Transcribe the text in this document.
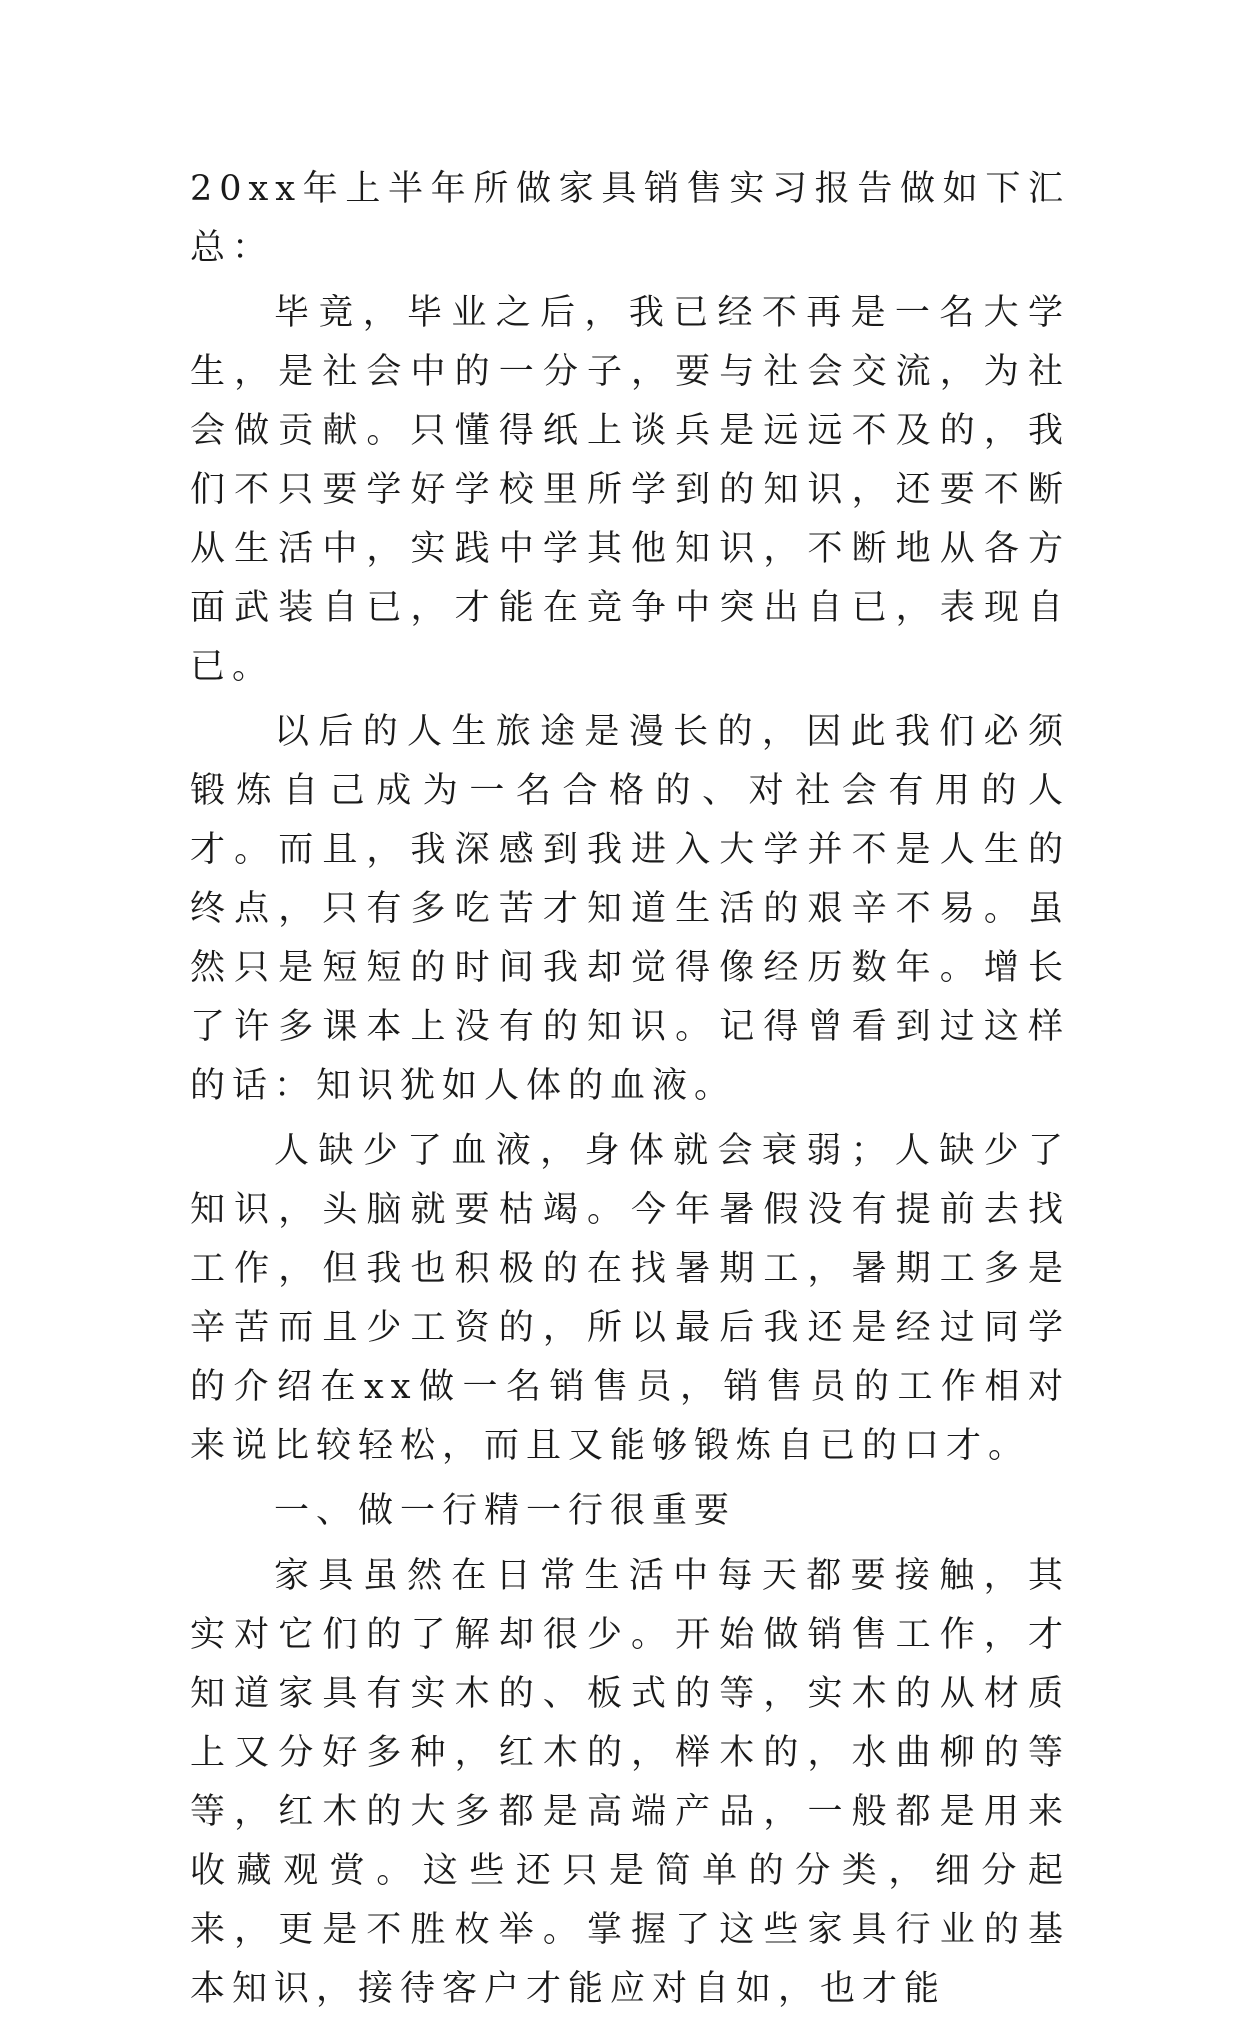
20xx年上半年所做家具销售实习报告做如下汇总：

毕竟，毕业之后，我已经不再是一名大学生，是社会中的一分子，要与社会交流，为社会做贡献。只懂得纸上谈兵是远远不及的，我们不只要学好学校里所学到的知识，还要不断从生活中，实践中学其他知识，不断地从各方面武装自已，才能在竞争中突出自已，表现自已。

以后的人生旅途是漫长的，因此我们必须锻炼自己成为一名合格的、对社会有用的人才。而且，我深感到我进入大学并不是人生的终点，只有多吃苦才知道生活的艰辛不易。虽然只是短短的时间我却觉得像经历数年。增长了许多课本上没有的知识。记得曾看到过这样的话：知识犹如人体的血液。

人缺少了血液，身体就会衰弱；人缺少了知识，头脑就要枯竭。今年暑假没有提前去找工作，但我也积极的在找暑期工，暑期工多是辛苦而且少工资的，所以最后我还是经过同学的介绍在xx做一名销售员，销售员的工作相对来说比较轻松，而且又能够锻炼自已的口才。

一、做一行精一行很重要

家具虽然在日常生活中每天都要接触，其实对它们的了解却很少。开始做销售工作，才知道家具有实木的、板式的等，实木的从材质上又分好多种，红木的，榉木的，水曲柳的等等，红木的大多都是高端产品，一般都是用来收藏观赏。这些还只是简单的分类，细分起来，更是不胜枚举。掌握了这些家具行业的基本知识，接待客户才能应对自如，也才能
